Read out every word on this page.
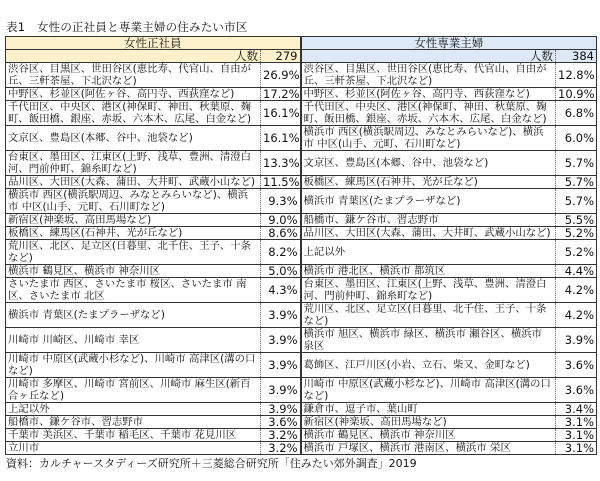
表1　女性の正社員と専業主婦の住みたい市区
女性正社員		女性専業主婦	
人数	279	人数	384
渋谷区、目黒区、世田谷区(恵比寿、代官山、自由が丘、三軒茶屋、下北沢など)	26.9%	渋谷区、目黒区、世田谷区(恵比寿、代官山、自由が丘、三軒茶屋、下北沢など)	12.8%
中野区、杉並区(阿佐ヶ谷、高円寺、西荻窪など)	17.2%	中野区、杉並区(阿佐ヶ谷、高円寺、西荻窪など)	10.9%
千代田区、中央区、港区(神保町、神田、秋葉原、麹町、飯田橋、銀座、赤坂、六本木、広尾、白金など)	16.1%	千代田区、中央区、港区(神保町、神田、秋葉原、麹町、飯田橋、銀座、赤坂、六本木、広尾、白金など)	6.8%
文京区、豊島区(本郷、谷中、池袋など)	16.1%	横浜市 西区(横浜駅周辺、みなとみらいなど)、横浜市 中区(山手、元町、石川町など)	6.0%
台東区、墨田区、江東区(上野、浅草、豊洲、清澄白河、門前仲町、錦糸町など)	13.3%	文京区、豊島区(本郷、谷中、池袋など)	5.7%
品川区、大田区(大森、蒲田、大井町、武蔵小山など)	11.5%	板橋区、練馬区(石神井、光が丘など)	5.7%
横浜市 西区(横浜駅周辺、みなとみらいなど)、横浜市 中区(山手、元町、石川町など)	9.3%	横浜市 青葉区(たまプラーザなど)	5.7%
新宿区(神楽坂、高田馬場など)	9.0%	船橋市、鎌ケ谷市、習志野市	5.5%
板橋区、練馬区(石神井、光が丘など)	8.6%	品川区、大田区(大森、蒲田、大井町、武蔵小山など)	5.2%
荒川区、北区、足立区(日暮里、北千住、王子、十条など)	8.2%	上記以外	5.2%
横浜市 鶴見区、横浜市 神奈川区	5.0%	横浜市 港北区、横浜市 都筑区	4.4%
さいたま市 西区、さいたま市 桜区、さいたま市 南区、さいたま市 北区	4.3%	台東区、墨田区、江東区(上野、浅草、豊洲、清澄白河、門前仲町、錦糸町など)	4.2%
横浜市 青葉区(たまプラーザなど)	3.9%	荒川区、北区、足立区(日暮里、北千住、王子、十条など)	4.2%
川崎市 川崎区、川崎市 幸区	3.9%	横浜市 旭区、横浜市 緑区、横浜市 瀬谷区、横浜市 泉区	3.9%
川崎市 中原区(武蔵小杉など)、川崎市 高津区(溝の口など)	3.9%	葛飾区、江戸川区(小岩、立石、柴又、金町など)	3.6%
川崎市 多摩区、川崎市 宮前区、川崎市 麻生区(新百合ヶ丘など)	3.9%	川崎市 中原区(武蔵小杉など)、川崎市 高津区(溝の口など)	3.6%
上記以外	3.9%	鎌倉市、逗子市、葉山町	3.4%
船橋市、鎌ケ谷市、習志野市	3.6%	新宿区(神楽坂、高田馬場など)	3.1%
千葉市 美浜区、千葉市 稲毛区、千葉市 花見川区	3.2%	横浜市 鶴見区、横浜市 神奈川区	3.1%
立川市	3.2%	横浜市 戸塚区、横浜市 港南区、横浜市 栄区	3.1%
資料：カルチャースタディーズ研究所＋三菱総合研究所「住みたい郊外調査」2019
